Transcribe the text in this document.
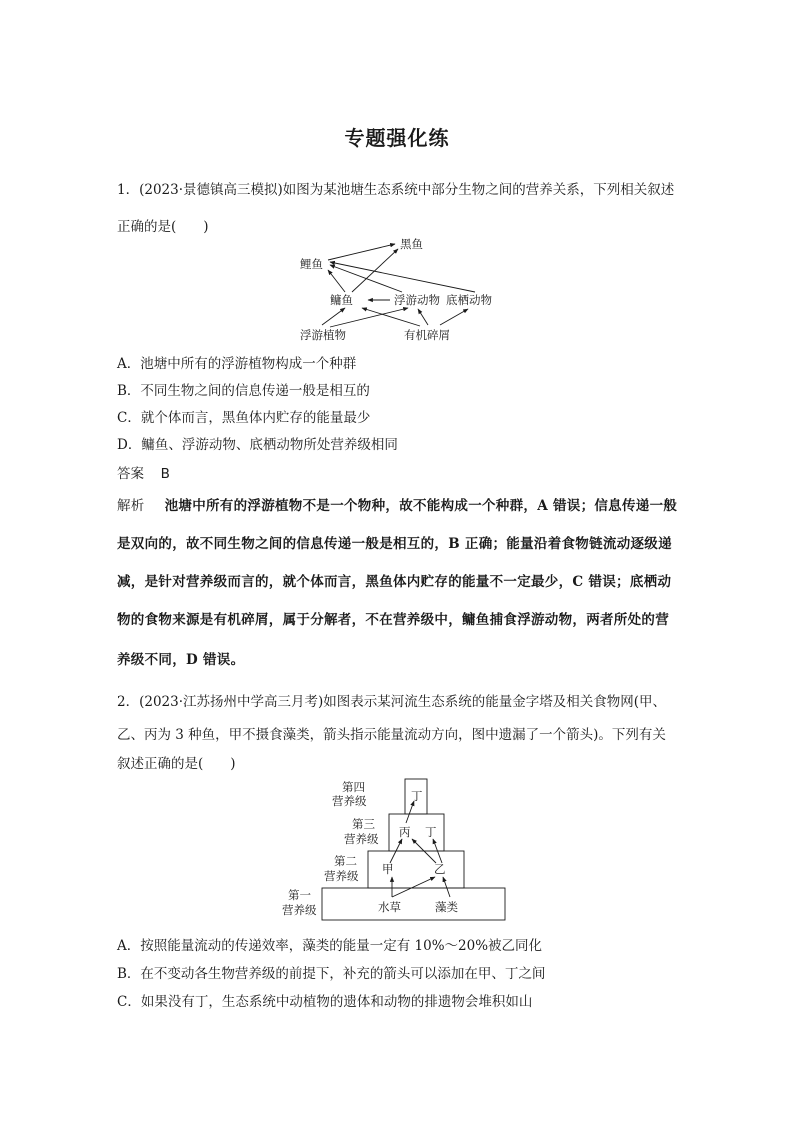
专题强化练
1．(2023·景德镇高三模拟)如图为某池塘生态系统中部分生物之间的营养关系，下列相关叙述
正确的是(　　)
黑鱼
鲤鱼
鳙鱼	浮游动物 底栖动物
浮游植物	有机碎屑
A．池塘中所有的浮游植物构成一个种群
B．不同生物之间的信息传递一般是相互的
C．就个体而言，黑鱼体内贮存的能量最少
D．鳙鱼、浮游动物、底栖动物所处营养级相同
答案 B
解析 池塘中所有的浮游植物不是一个物种，故不能构成一个种群，A 错误；信息传递一般
是双向的，故不同生物之间的信息传递一般是相互的，B 正确；能量沿着食物链流动逐级递
减，是针对营养级而言的，就个体而言，黑鱼体内贮存的能量不一定最少，C 错误；底栖动
物的食物来源是有机碎屑，属于分解者，不在营养级中，鳙鱼捕食浮游动物，两者所处的营
养级不同，D 错误。
2．(2023·江苏扬州中学高三月考)如图表示某河流生态系统的能量金字塔及相关食物网(甲、
乙、丙为 3 种鱼，甲不摄食藻类，箭头指示能量流动方向，图中遗漏了一个箭头)。下列有关
叙述正确的是(　　)
第四
营养级
第三
营养级
第二
营养级
第一
营养级
丁
丙 丁
甲	乙
水草	藻类
A．按照能量流动的传递效率，藻类的能量一定有 10%～20%被乙同化
B．在不变动各生物营养级的前提下，补充的箭头可以添加在甲、丁之间
C．如果没有丁，生态系统中动植物的遗体和动物的排遗物会堆积如山
